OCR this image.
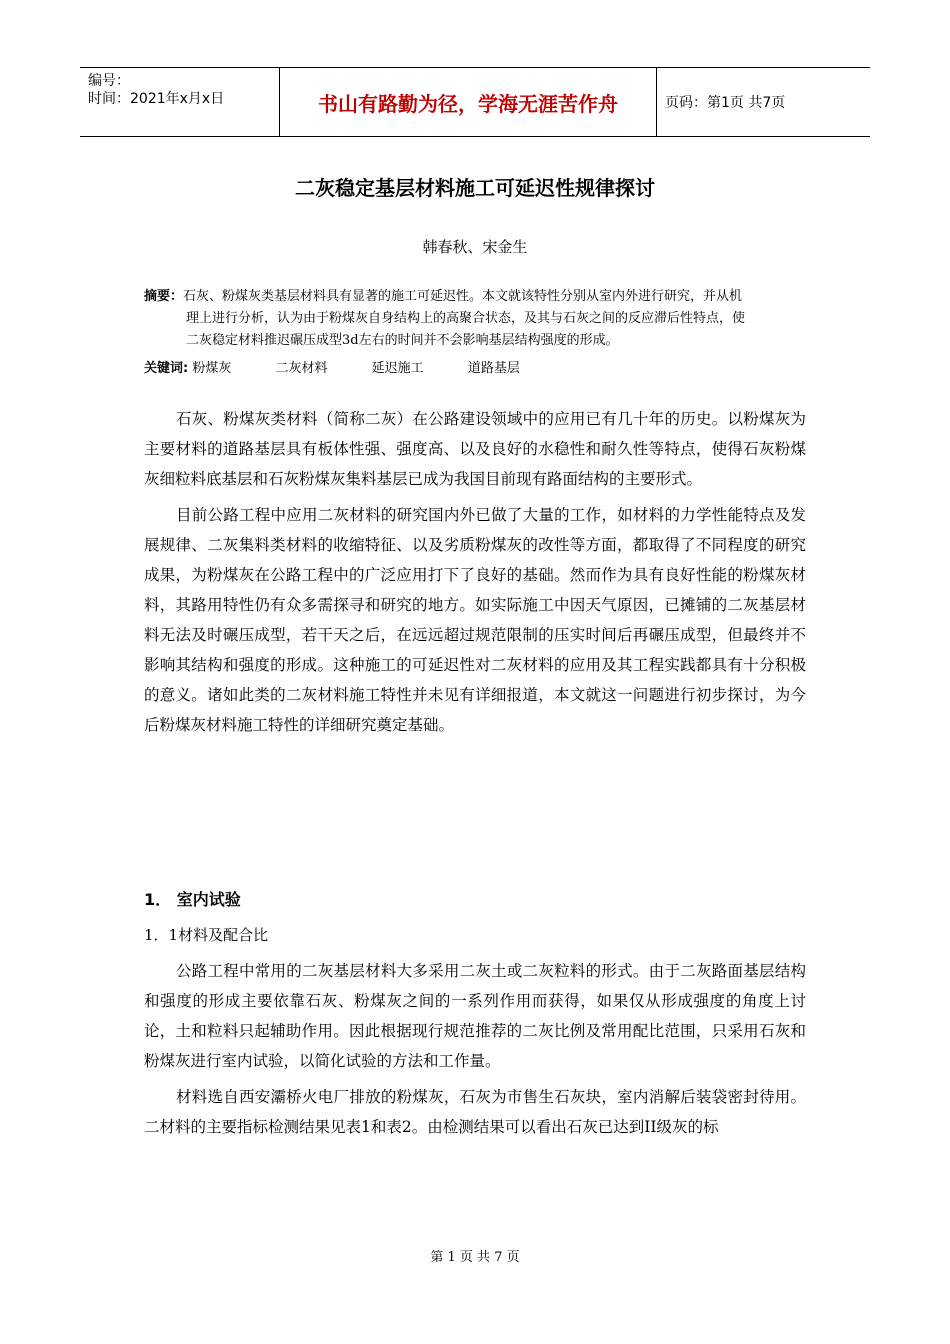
编号：
时间：2021年x月x日	书山有路勤为径，学海无涯苦作舟	页码：第1页 共7页
二灰稳定基层材料施工可延迟性规律探讨
韩春秋、宋金生
摘要：石灰、粉煤灰类基层材料具有显著的施工可延迟性。本文就该特性分别从室内外进行研究，并从机
理上进行分析，认为由于粉煤灰自身结构上的高聚合状态，及其与石灰之间的反应滞后性特点，使
二灰稳定材料推迟碾压成型3d左右的时间并不会影响基层结构强度的形成。
关键词: 粉煤灰	二灰材料	延迟施工	道路基层

石灰、粉煤灰类材料（简称二灰）在公路建设领域中的应用已有几十年的历史。以粉煤灰为主要材料的道路基层具有板体性强、强度高、以及良好的水稳性和耐久性等特点，使得石灰粉煤灰细粒料底基层和石灰粉煤灰集料基层已成为我国目前现有路面结构的主要形式。

目前公路工程中应用二灰材料的研究国内外已做了大量的工作，如材料的力学性能特点及发展规律、二灰集料类材料的收缩特征、以及劣质粉煤灰的改性等方面，都取得了不同程度的研究成果，为粉煤灰在公路工程中的广泛应用打下了良好的基础。然而作为具有良好性能的粉煤灰材料，其路用特性仍有众多需探寻和研究的地方。如实际施工中因天气原因，已摊铺的二灰基层材料无法及时碾压成型，若干天之后，在远远超过规范限制的压实时间后再碾压成型，但最终并不影响其结构和强度的形成。这种施工的可延迟性对二灰材料的应用及其工程实践都具有十分积极的意义。诸如此类的二灰材料施工特性并未见有详细报道，本文就这一问题进行初步探讨，为今后粉煤灰材料施工特性的详细研究奠定基础。

1． 室内试验
1．1材料及配合比

公路工程中常用的二灰基层材料大多采用二灰土或二灰粒料的形式。由于二灰路面基层结构和强度的形成主要依靠石灰、粉煤灰之间的一系列作用而获得，如果仅从形成强度的角度上讨论，土和粒料只起辅助作用。因此根据现行规范推荐的二灰比例及常用配比范围，只采用石灰和粉煤灰进行室内试验，以简化试验的方法和工作量。

材料选自西安灞桥火电厂排放的粉煤灰，石灰为市售生石灰块，室内消解后装袋密封待用。二材料的主要指标检测结果见表1和表2。由检测结果可以看出石灰已达到II级灰的标

第 1 页 共 7 页
